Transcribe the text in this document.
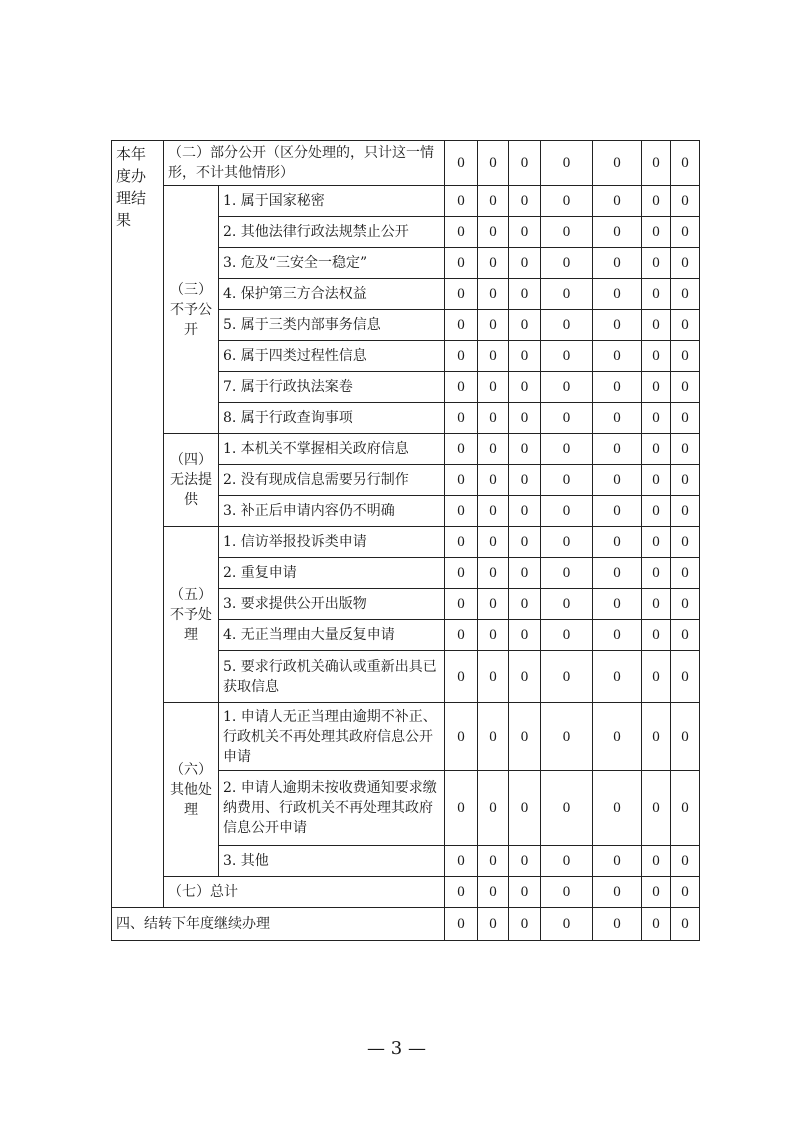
本年度办理结果	（二）部分公开（区分处理的，只计这一情形，不计其他情形）		0	0	0	0	0	0	0
	（三）不予公开	1. 属于国家秘密	0	0	0	0	0	0	0
		2. 其他法律行政法规禁止公开	0	0	0	0	0	0	0
		3. 危及“三安全一稳定”	0	0	0	0	0	0	0
		4. 保护第三方合法权益	0	0	0	0	0	0	0
		5. 属于三类内部事务信息	0	0	0	0	0	0	0
		6. 属于四类过程性信息	0	0	0	0	0	0	0
		7. 属于行政执法案卷	0	0	0	0	0	0	0
		8. 属于行政查询事项	0	0	0	0	0	0	0
	（四）无法提供	1. 本机关不掌握相关政府信息	0	0	0	0	0	0	0
		2. 没有现成信息需要另行制作	0	0	0	0	0	0	0
		3. 补正后申请内容仍不明确	0	0	0	0	0	0	0
	（五）不予处理	1. 信访举报投诉类申请	0	0	0	0	0	0	0
		2. 重复申请	0	0	0	0	0	0	0
		3. 要求提供公开出版物	0	0	0	0	0	0	0
		4. 无正当理由大量反复申请	0	0	0	0	0	0	0
		5. 要求行政机关确认或重新出具已获取信息	0	0	0	0	0	0	0
	（六）其他处理	1. 申请人无正当理由逾期不补正、行政机关不再处理其政府信息公开申请	0	0	0	0	0	0	0
		2. 申请人逾期未按收费通知要求缴纳费用、行政机关不再处理其政府信息公开申请	0	0	0	0	0	0	0
		3. 其他	0	0	0	0	0	0	0
	（七）总计		0	0	0	0	0	0	0
四、结转下年度继续办理			0	0	0	0	0	0	0
— 3 —
